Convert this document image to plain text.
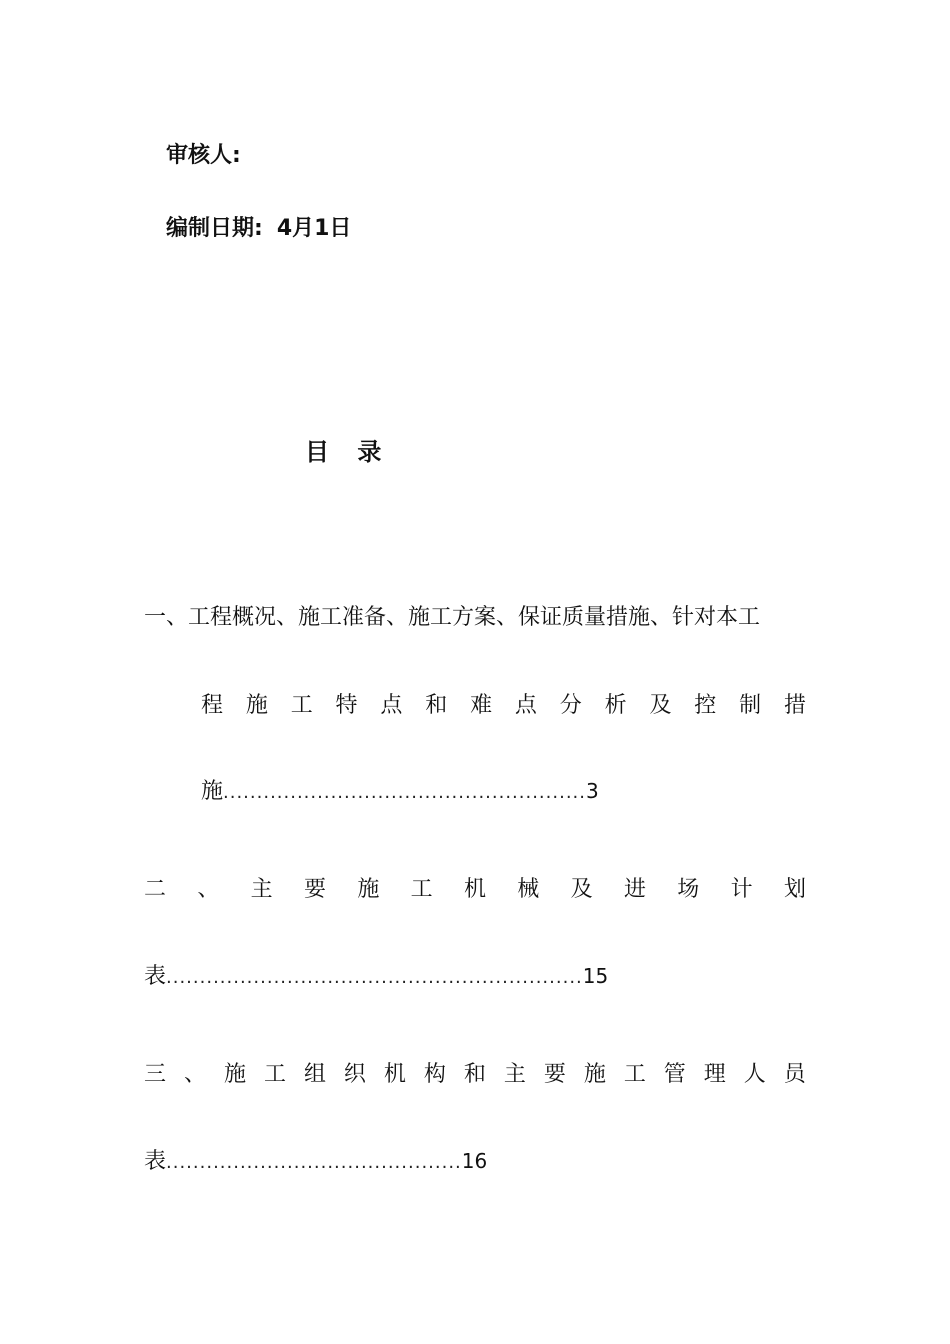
审核人:
编制日期: 4月1日
目 录
一、工程概况、施工准备、施工方案、保证质量措施、针对本工
程 施 工 特 点 和 难 点 分 析 及 控 制 措
施 ...................................................... 3
二 、 主 要 施 工 机 械 及 进 场 计 划
表 .............................................................. 15
三 、 施 工 组 织 机 构 和 主 要 施 工 管 理 人 员
表 ............................................ 16
